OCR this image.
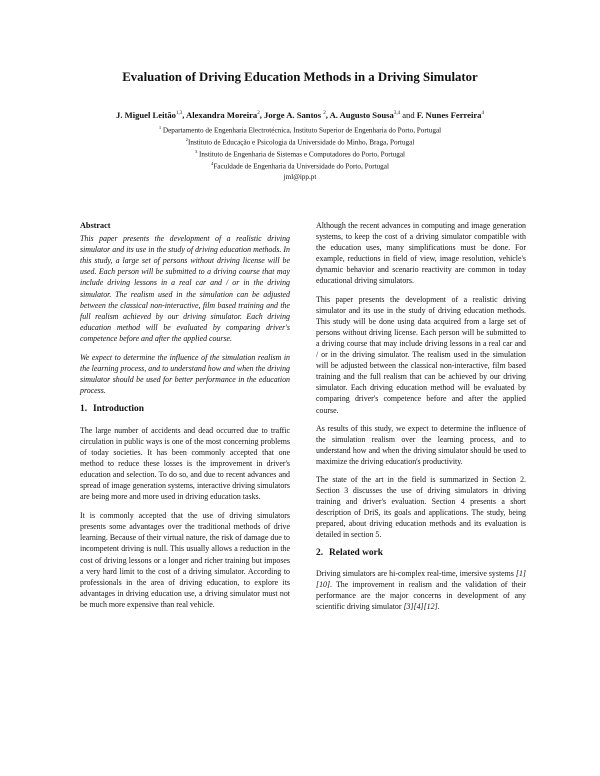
Evaluation of Driving Education Methods in a Driving Simulator
J. Miguel Leitão$^{1,3}$, Alexandra Moreira$^2$, Jorge A. Santos $^2$, A. Augusto Sousa$^{3,4}$ and F. Nunes Ferreira$^4$
$^1$ Departamento de Engenharia Electrotécnica, Instituto Superior de Engenharia do Porto, Portugal
$^2$Instituto de Educação e Psicologia da Universidade do Minho, Braga, Portugal
$^3$ Instituto de Engenharia de Sistemas e Computadores do Porto, Portugal
$^4$Faculdade de Engenharia da Universidade do Porto, Portugal
jml@ipp.pt
Abstract

This paper presents the development of a realistic driving simulator and its use in the study of driving education methods. In this study, a large set of persons without driving license will be used. Each person will be submitted to a driving course that may include driving lessons in a real car and / or in the driving simulator. The realism used in the simulation can be adjusted between the classical non-interactive, film based training and the full realism achieved by our driving simulator. Each driving education method will be evaluated by comparing driver's competence before and after the applied course.

We expect to determine the influence of the simulation realism in the learning process, and to understand how and when the driving simulator should be used for better performance in the education process.

1. Introduction

The large number of accidents and dead occurred due to traffic circulation in public ways is one of the most concerning problems of today societies. It has been commonly accepted that one method to reduce these losses is the improvement in driver's education and selection. To do so, and due to recent advances and spread of image generation systems, interactive driving simulators are being more and more used in driving education tasks.

It is commonly accepted that the use of driving simulators presents some advantages over the traditional methods of drive learning. Because of their virtual nature, the risk of damage due to incompetent driving is null. This usually allows a reduction in the cost of driving lessons or a longer and richer training but imposes a very hard limit to the cost of a driving simulator. According to professionals in the area of driving education, to explore its advantages in driving education use, a driving simulator must not be much more expensive than real vehicle.

Although the recent advances in computing and image generation systems, to keep the cost of a driving simulator compatible with the education uses, many simplifications must be done. For example, reductions in field of view, image resolution, vehicle's dynamic behavior and scenario reactivity are common in today educational driving simulators.

This paper presents the development of a realistic driving simulator and its use in the study of driving education methods. This study will be done using data acquired from a large set of persons without driving license. Each person will be submitted to a driving course that may include driving lessons in a real car and / or in the driving simulator. The realism used in the simulation will be adjusted between the classical non-interactive, film based training and the full realism that can be achieved by our driving simulator. Each driving education method will be evaluated by comparing driver's competence before and after the applied course.

As results of this study, we expect to determine the influence of the simulation realism over the learning process, and to understand how and when the driving simulator should be used to maximize the driving education's productivity.

The state of the art in the field is summarized in Section 2. Section 3 discusses the use of driving simulators in driving training and driver's evaluation. Section 4 presents a short description of DriS, its goals and applications. The study, being prepared, about driving education methods and its evaluation is detailed in section 5.

2. Related work

Driving simulators are hi-complex real-time, imersive systems [1][10]. The improvement in realism and the validation of their performance are the major concerns in development of any scientific driving simulator [3][4][12].
